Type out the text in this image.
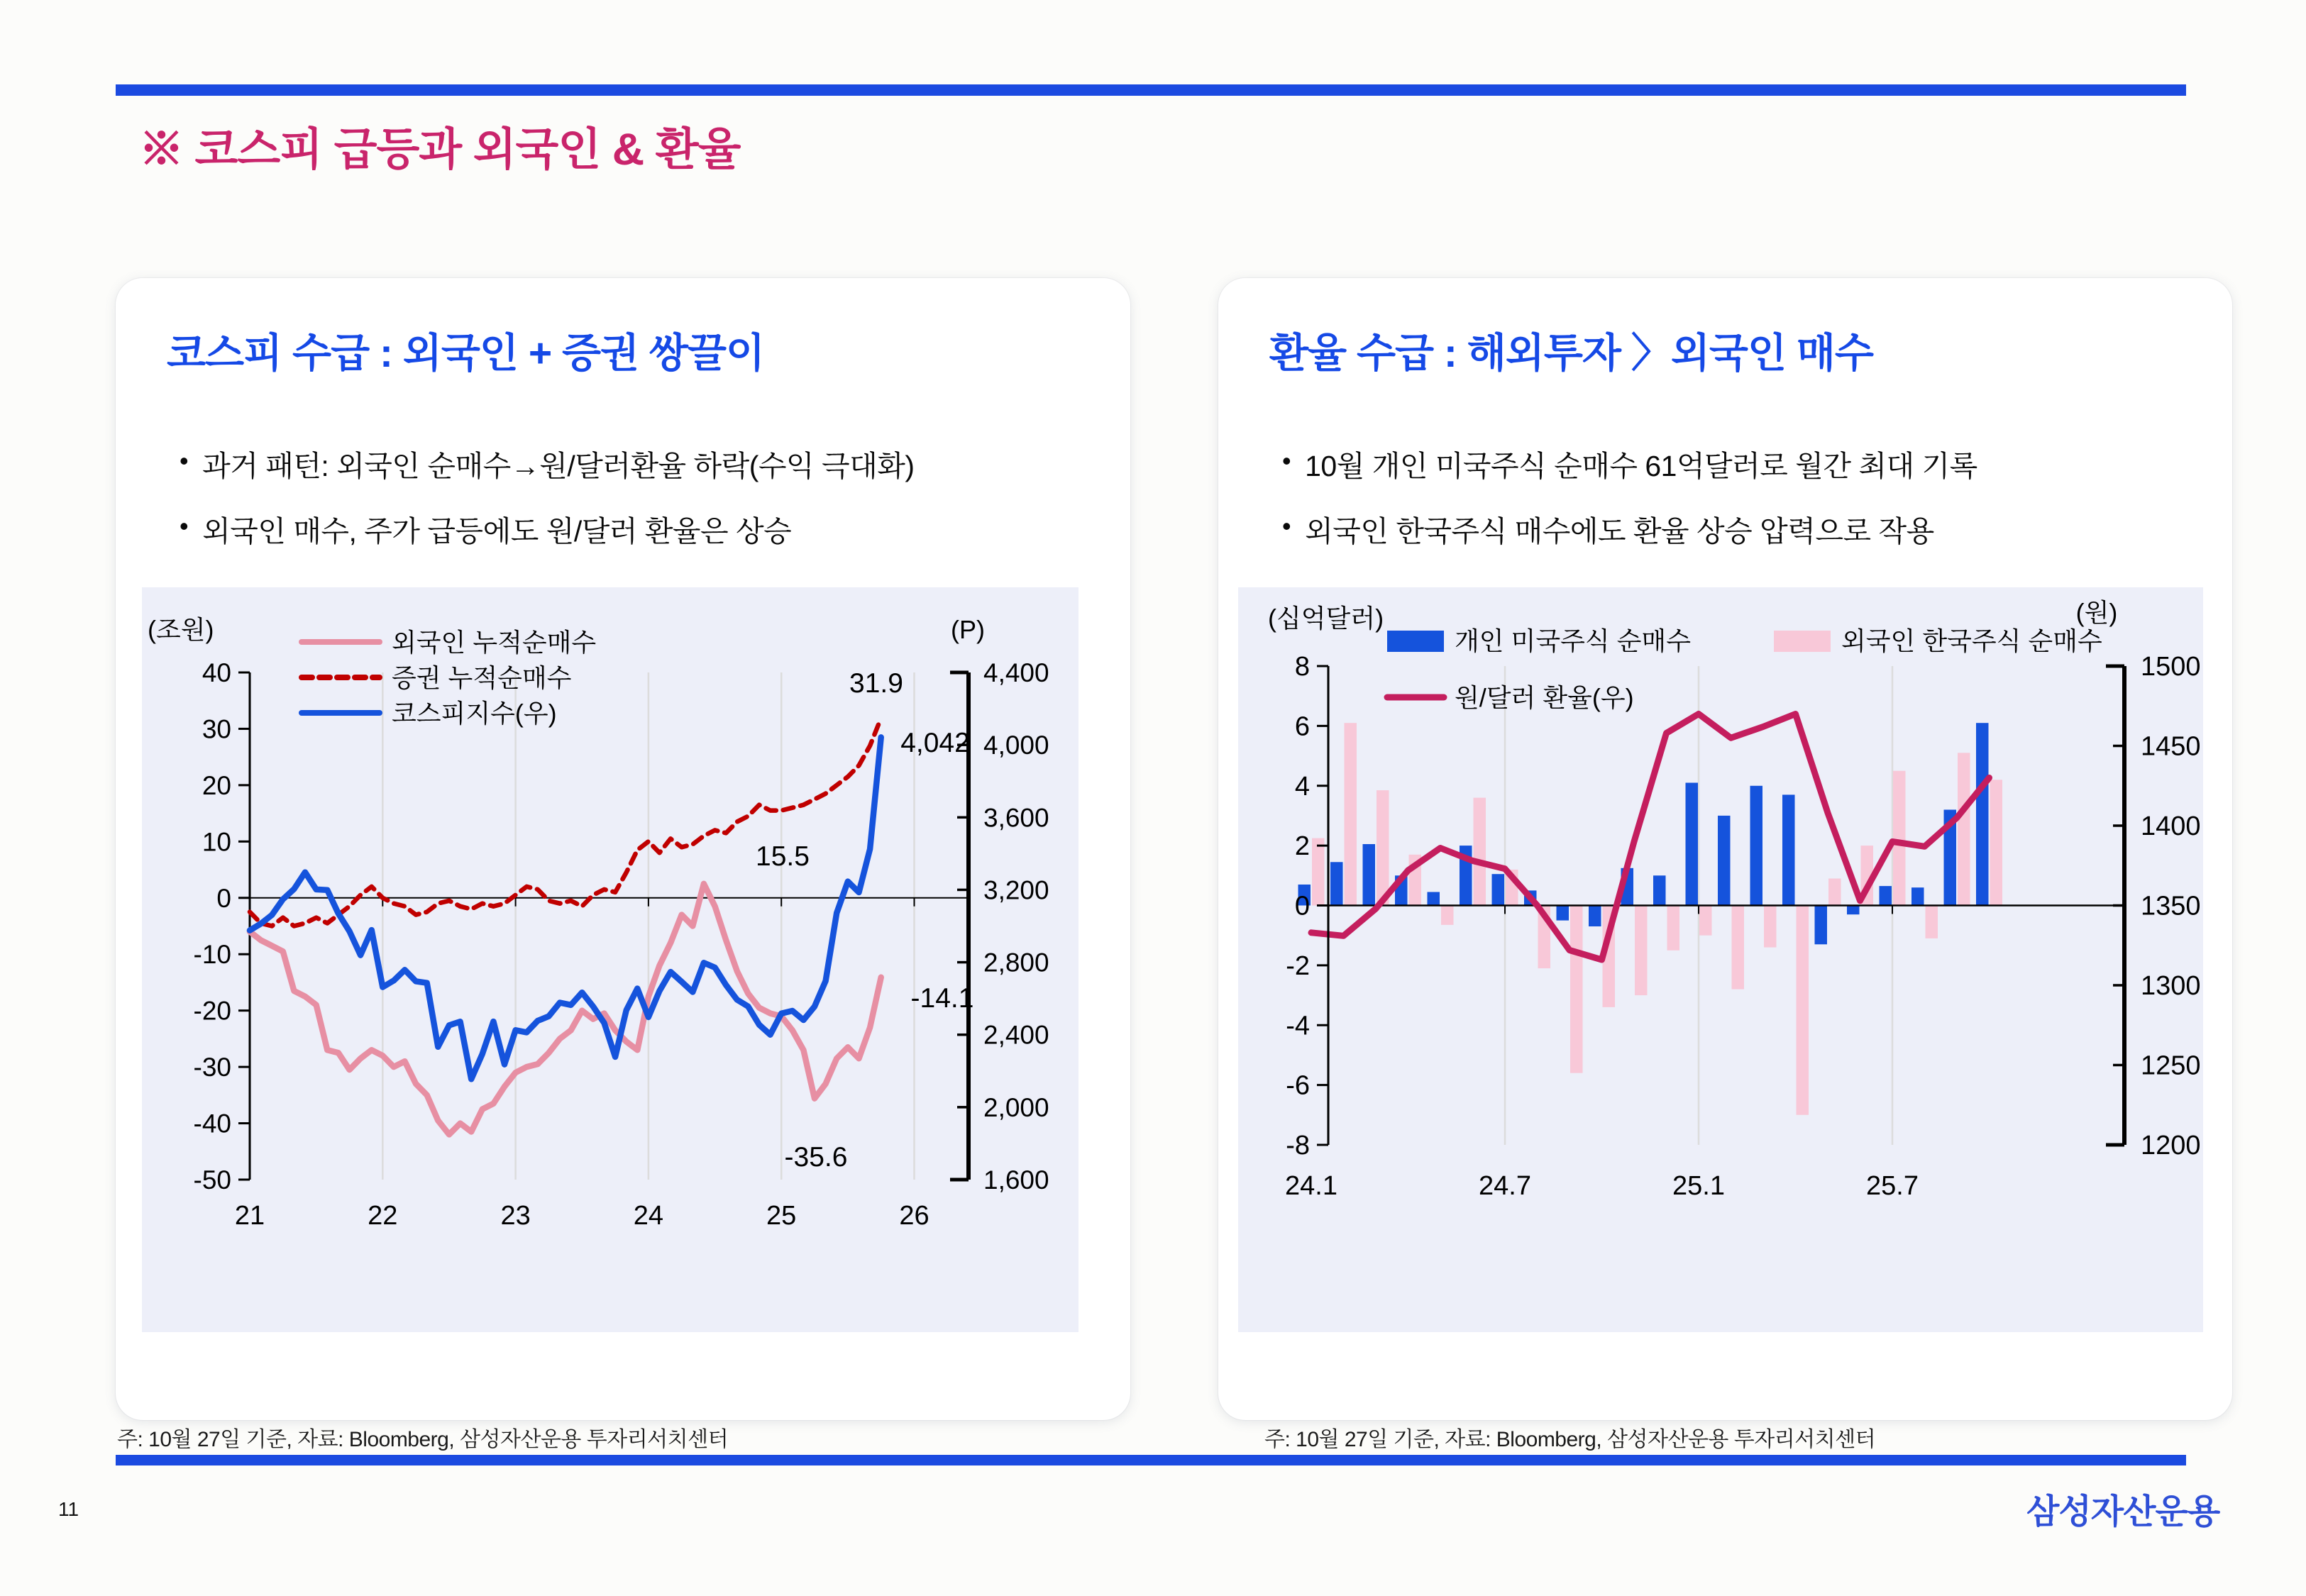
※ 코스피 급등과 외국인 & 환율
코스피 수급 : 외국인 + 증권 쌍끌이
• 과거 패턴: 외국인 순매수→원/달러환율 하락(수익 극대화)
• 외국인 매수, 주가 급등에도 원/달러 환율은 상승
40
30
20
10
0
-10
-20
-30
-40
-50
(조원)
4,400
4,000
3,600
3,200
2,800
2,400
2,000
1,600
(P)
21	22	23	24	25	26
외국인 누적순매수
증권 누적순매수
코스피지수(우)
31.9
4,042
15.5
-14.1
-35.6
환율 수급 : 해외투자 〉외국인 매수
• 10월 개인 미국주식 순매수 61억달러로 월간 최대 기록
• 외국인 한국주식 매수에도 환율 상승 압력으로 작용
8
6
4
2
0
-2
-4
-6
-8
(십억달러)
1500
1450
1400
1350
1300
1250
1200
(원)
24.1	24.7	25.1	25.7
개인 미국주식 순매수	외국인 한국주식 순매수
원/달러 환율(우)
주: 10월 27일 기준, 자료: Bloomberg, 삼성자산운용 투자리서치센터	주: 10월 27일 기준, 자료: Bloomberg, 삼성자산운용 투자리서치센터
11	삼성자산운용
